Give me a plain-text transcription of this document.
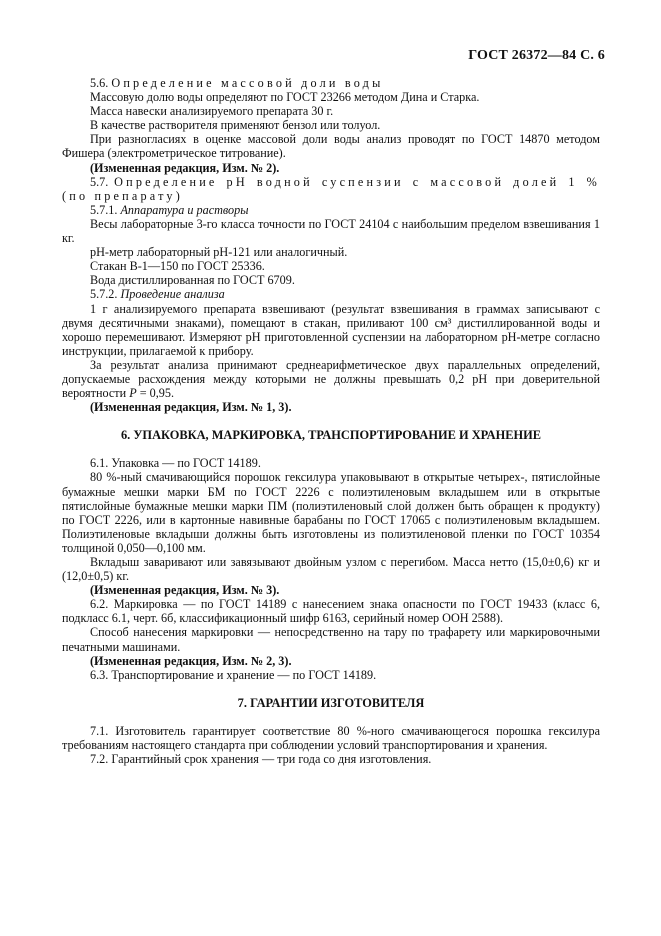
ГОСТ 26372—84 С. 6

5.6. Определение массовой доли воды

Массовую долю воды определяют по ГОСТ 23266 методом Дина и Старка.

Масса навески анализируемого препарата 30 г.

В качестве растворителя применяют бензол или толуол.

При разногласиях в оценке массовой доли воды анализ проводят по ГОСТ 14870 методом Фишера (электрометрическое титрование).

(Измененная редакция, Изм. № 2).

5.7. Определение pH водной суспензии с массовой долей 1 % (по препарату)

5.7.1. Аппаратура и растворы

Весы лабораторные 3-го класса точности по ГОСТ 24104 с наибольшим пределом взвешивания 1 кг.

pH-метр лабораторный pH-121 или аналогичный.

Стакан В-1—150 по ГОСТ 25336.

Вода дистиллированная по ГОСТ 6709.

5.7.2. Проведение анализа

1 г анализируемого препарата взвешивают (результат взвешивания в граммах записывают с двумя десятичными знаками), помещают в стакан, приливают 100 см³ дистиллированной воды и хорошо перемешивают. Измеряют pH приготовленной суспензии на лабораторном pH-метре согласно инструкции, прилагаемой к прибору.

За результат анализа принимают среднеарифметическое двух параллельных определений, допускаемые расхождения между которыми не должны превышать 0,2 pH при доверительной вероятности P = 0,95.

(Измененная редакция, Изм. № 1, 3).

6. УПАКОВКА, МАРКИРОВКА, ТРАНСПОРТИРОВАНИЕ И ХРАНЕНИЕ

6.1. Упаковка — по ГОСТ 14189.

80 %-ный смачивающийся порошок гексилура упаковывают в открытые четырех-, пятислойные бумажные мешки марки БМ по ГОСТ 2226 с полиэтиленовым вкладышем или в открытые пятислойные бумажные мешки марки ПМ (полиэтиленовый слой должен быть обращен к продукту) по ГОСТ 2226, или в картонные навивные барабаны по ГОСТ 17065 с полиэтиленовым вкладышем. Полиэтиленовые вкладыши должны быть изготовлены из полиэтиленовой пленки по ГОСТ 10354 толщиной 0,050—0,100 мм.

Вкладыш заваривают или завязывают двойным узлом с перегибом. Масса нетто (15,0±0,6) кг и (12,0±0,5) кг.

(Измененная редакция, Изм. № 3).

6.2. Маркировка — по ГОСТ 14189 с нанесением знака опасности по ГОСТ 19433 (класс 6, подкласс 6.1, черт. 6б, классификационный шифр 6163, серийный номер ООН 2588).

Способ нанесения маркировки — непосредственно на тару по трафарету или маркировочными печатными машинами.

(Измененная редакция, Изм. № 2, 3).

6.3. Транспортирование и хранение — по ГОСТ 14189.

7. ГАРАНТИИ ИЗГОТОВИТЕЛЯ

7.1. Изготовитель гарантирует соответствие 80 %-ного смачивающегося порошка гексилура требованиям настоящего стандарта при соблюдении условий транспортирования и хранения.

7.2. Гарантийный срок хранения — три года со дня изготовления.
